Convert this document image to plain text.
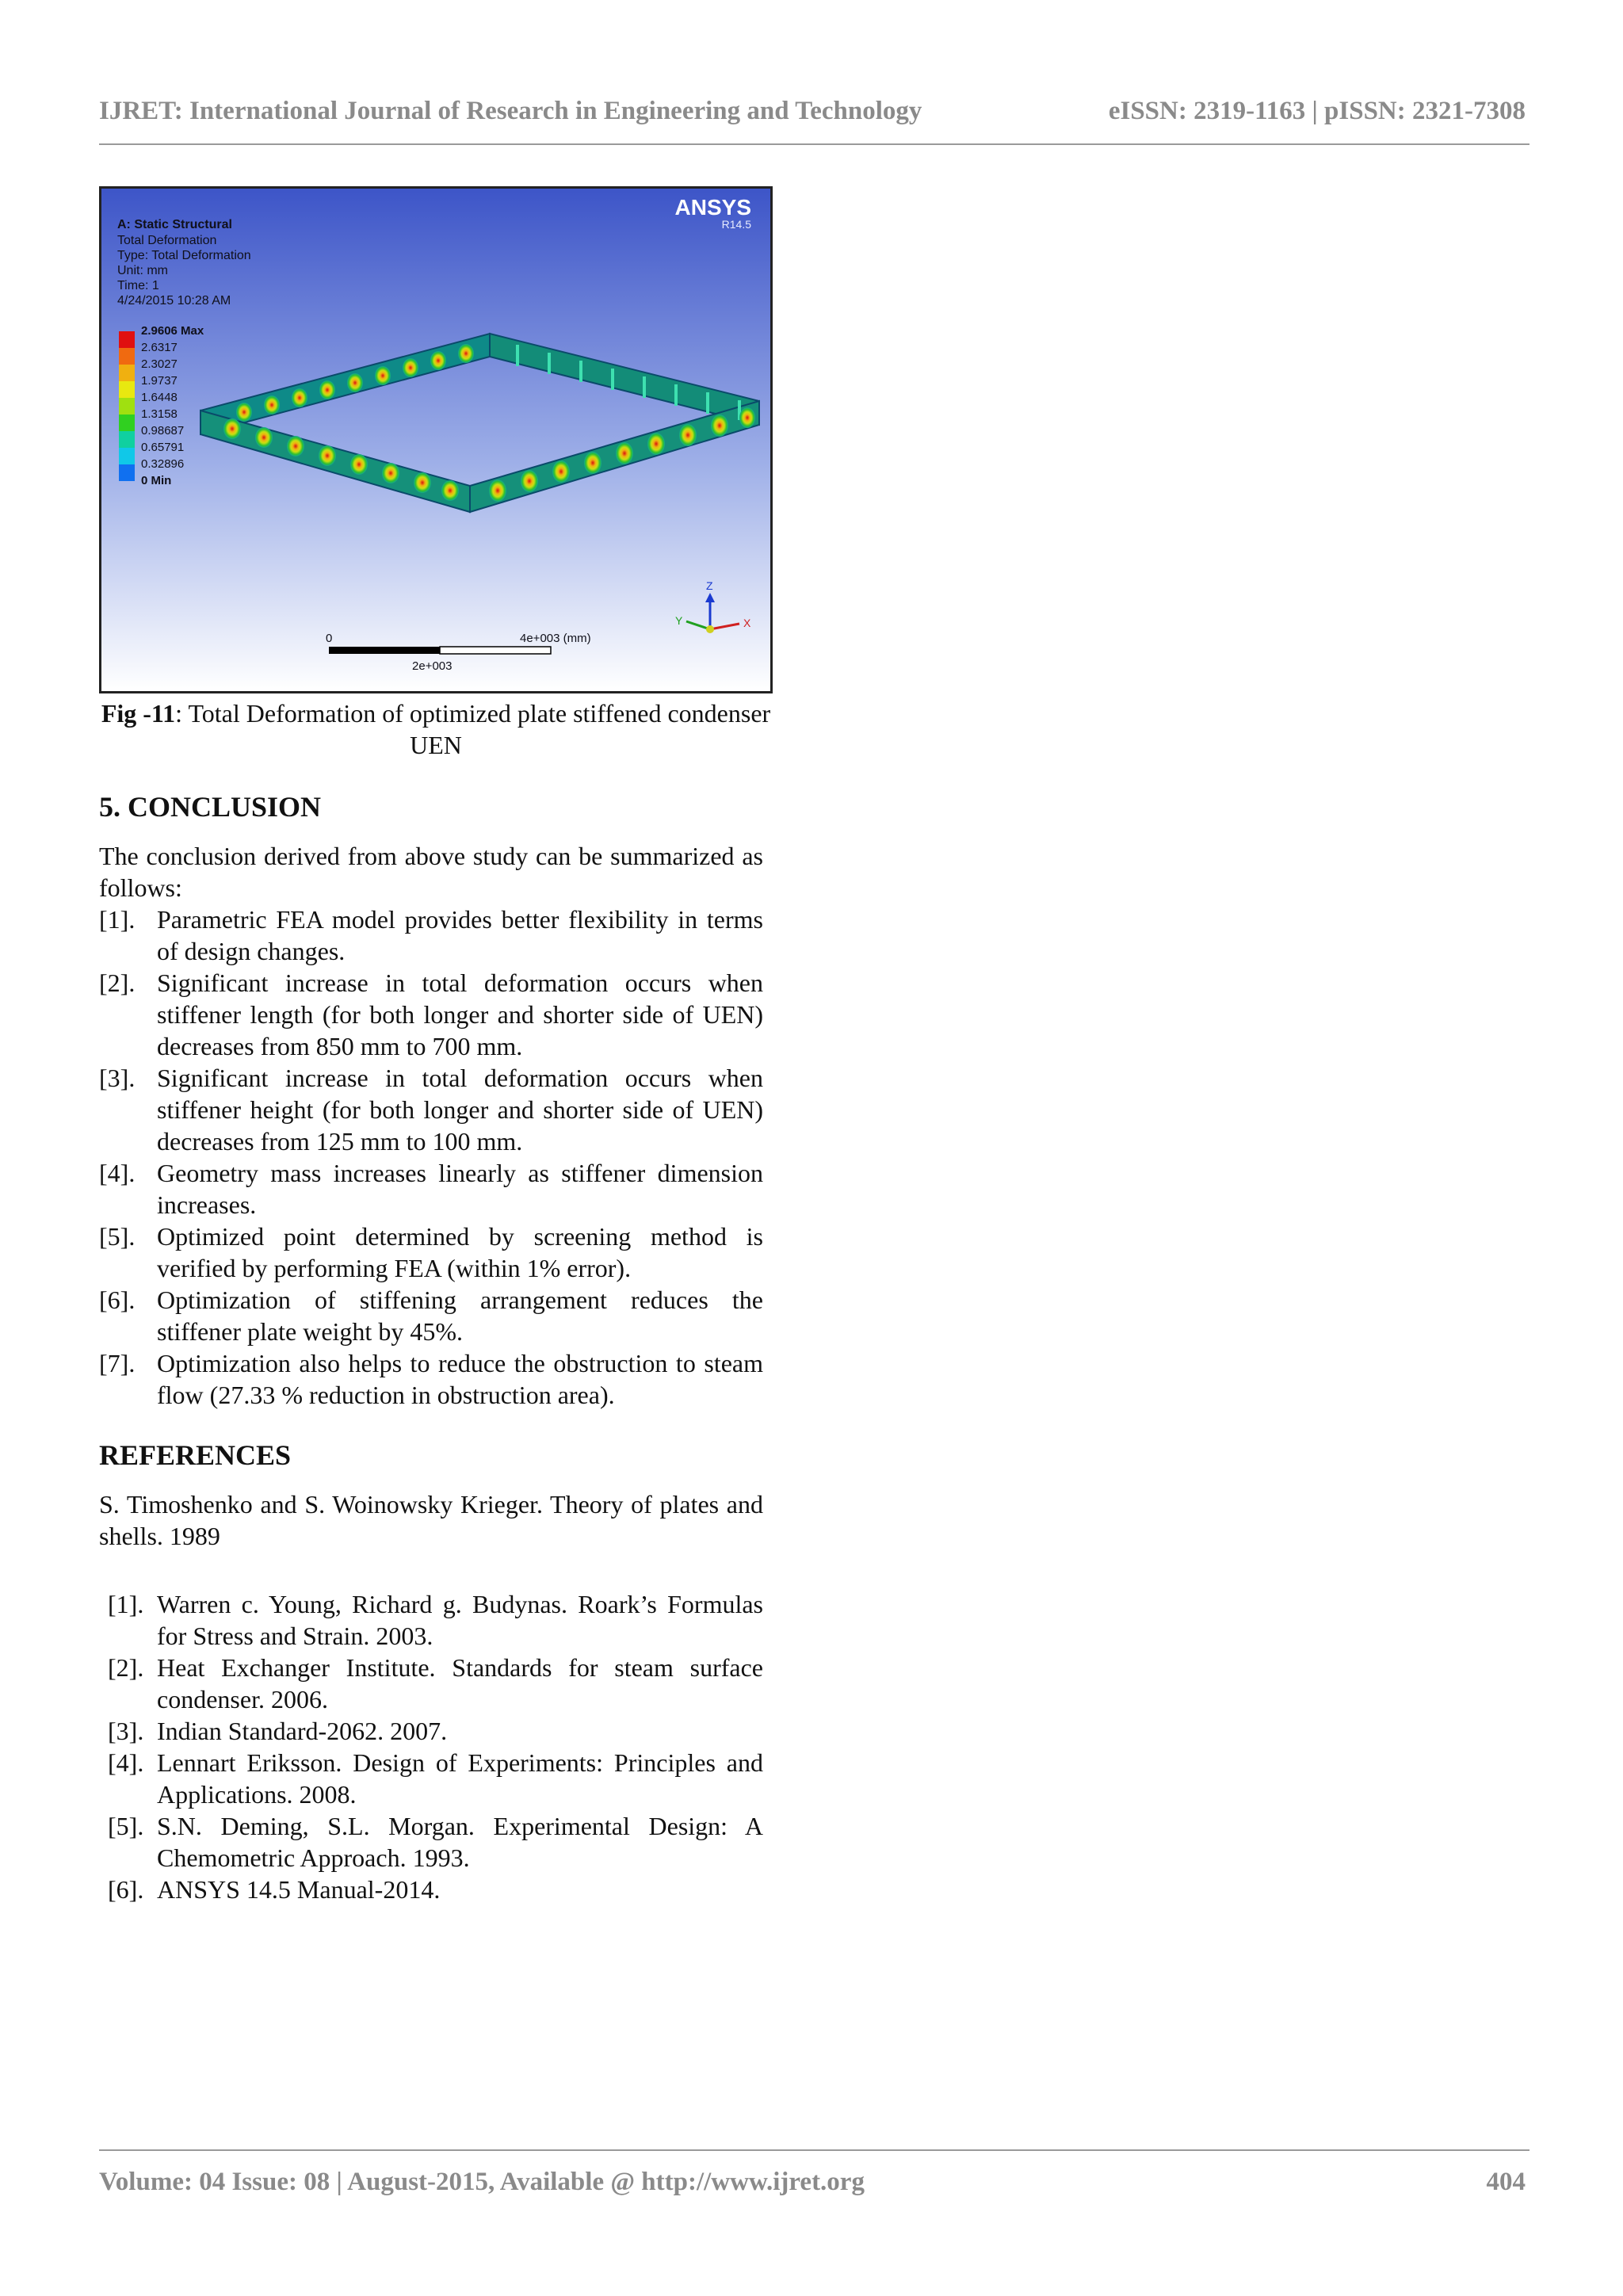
IJRET: International Journal of Research in Engineering and Technology	eISSN: 2319-1163 | pISSN: 2321-7308
ANSYS
R14.5
A: Static Structural
Total Deformation
Type: Total Deformation
Unit: mm
Time: 1
4/24/2015 10:28 AM
2.9606 Max
2.6317
2.3027
1.9737
1.6448
1.3158
0.98687
0.65791
0.32896
0 Min
0	4e+003 (mm)
2e+003
Z
Y	X
Fig -11: Total Deformation of optimized plate stiffened condenser UEN
5. CONCLUSION
The conclusion derived from above study can be summarized as follows:
[1]. Parametric FEA model provides better flexibility in terms of design changes.
[2]. Significant increase in total deformation occurs when stiffener length (for both longer and shorter side of UEN) decreases from 850 mm to 700 mm.
[3]. Significant increase in total deformation occurs when stiffener height (for both longer and shorter side of UEN) decreases from 125 mm to 100 mm.
[4]. Geometry mass increases linearly as stiffener dimension increases.
[5]. Optimized point determined by screening method is verified by performing FEA (within 1% error).
[6]. Optimization of stiffening arrangement reduces the stiffener plate weight by 45%.
[7]. Optimization also helps to reduce the obstruction to steam flow (27.33 % reduction in obstruction area).
REFERENCES
S. Timoshenko and S. Woinowsky Krieger. Theory of plates and shells. 1989
[1]. Warren c. Young, Richard g. Budynas. Roark’s Formulas for Stress and Strain. 2003.
[2]. Heat Exchanger Institute. Standards for steam surface condenser. 2006.
[3]. Indian Standard-2062. 2007.
[4]. Lennart Eriksson. Design of Experiments: Principles and Applications. 2008.
[5]. S.N. Deming, S.L. Morgan. Experimental Design: A Chemometric Approach. 1993.
[6]. ANSYS 14.5 Manual-2014.
Volume: 04 Issue: 08 | August-2015, Available @ http://www.ijret.org	404
